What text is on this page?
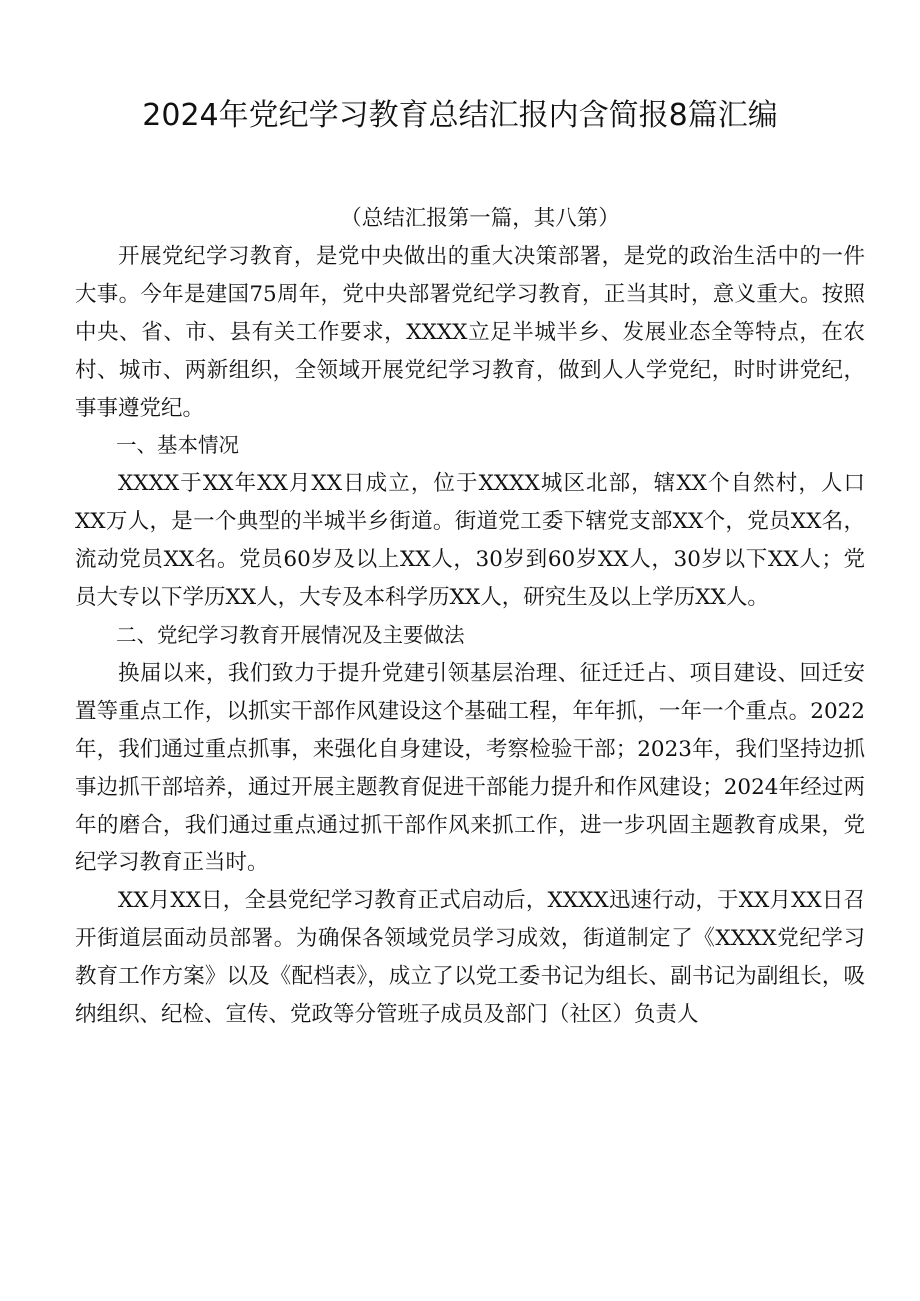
2024年党纪学习教育总结汇报内含简报8篇汇编

（总结汇报第一篇，其八第）

开展党纪学习教育，是党中央做出的重大决策部署，是党的政治生活中的一件大事。今年是建国75周年，党中央部署党纪学习教育，正当其时，意义重大。按照中央、省、市、县有关工作要求，XXXX立足半城半乡、发展业态全等特点，在农村、城市、两新组织，全领域开展党纪学习教育，做到人人学党纪，时时讲党纪，事事遵党纪。

一、基本情况

XXXX于XX年XX月XX日成立，位于XXXX城区北部，辖XX个自然村，人口XX万人，是一个典型的半城半乡街道。街道党工委下辖党支部XX个，党员XX名，流动党员XX名。党员60岁及以上XX人，30岁到60岁XX人，30岁以下XX人；党员大专以下学历XX人，大专及本科学历XX人，研究生及以上学历XX人。

二、党纪学习教育开展情况及主要做法

换届以来，我们致力于提升党建引领基层治理、征迁迁占、项目建设、回迁安置等重点工作，以抓实干部作风建设这个基础工程，年年抓，一年一个重点。2022年，我们通过重点抓事，来强化自身建设，考察检验干部；2023年，我们坚持边抓事边抓干部培养，通过开展主题教育促进干部能力提升和作风建设；2024年经过两年的磨合，我们通过重点通过抓干部作风来抓工作，进一步巩固主题教育成果，党纪学习教育正当时。

XX月XX日，全县党纪学习教育正式启动后，XXXX迅速行动，于XX月XX日召开街道层面动员部署。为确保各领域党员学习成效，街道制定了《XXXX党纪学习教育工作方案》以及《配档表》，成立了以党工委书记为组长、副书记为副组长，吸纳组织、纪检、宣传、党政等分管班子成员及部门（社区）负责人
